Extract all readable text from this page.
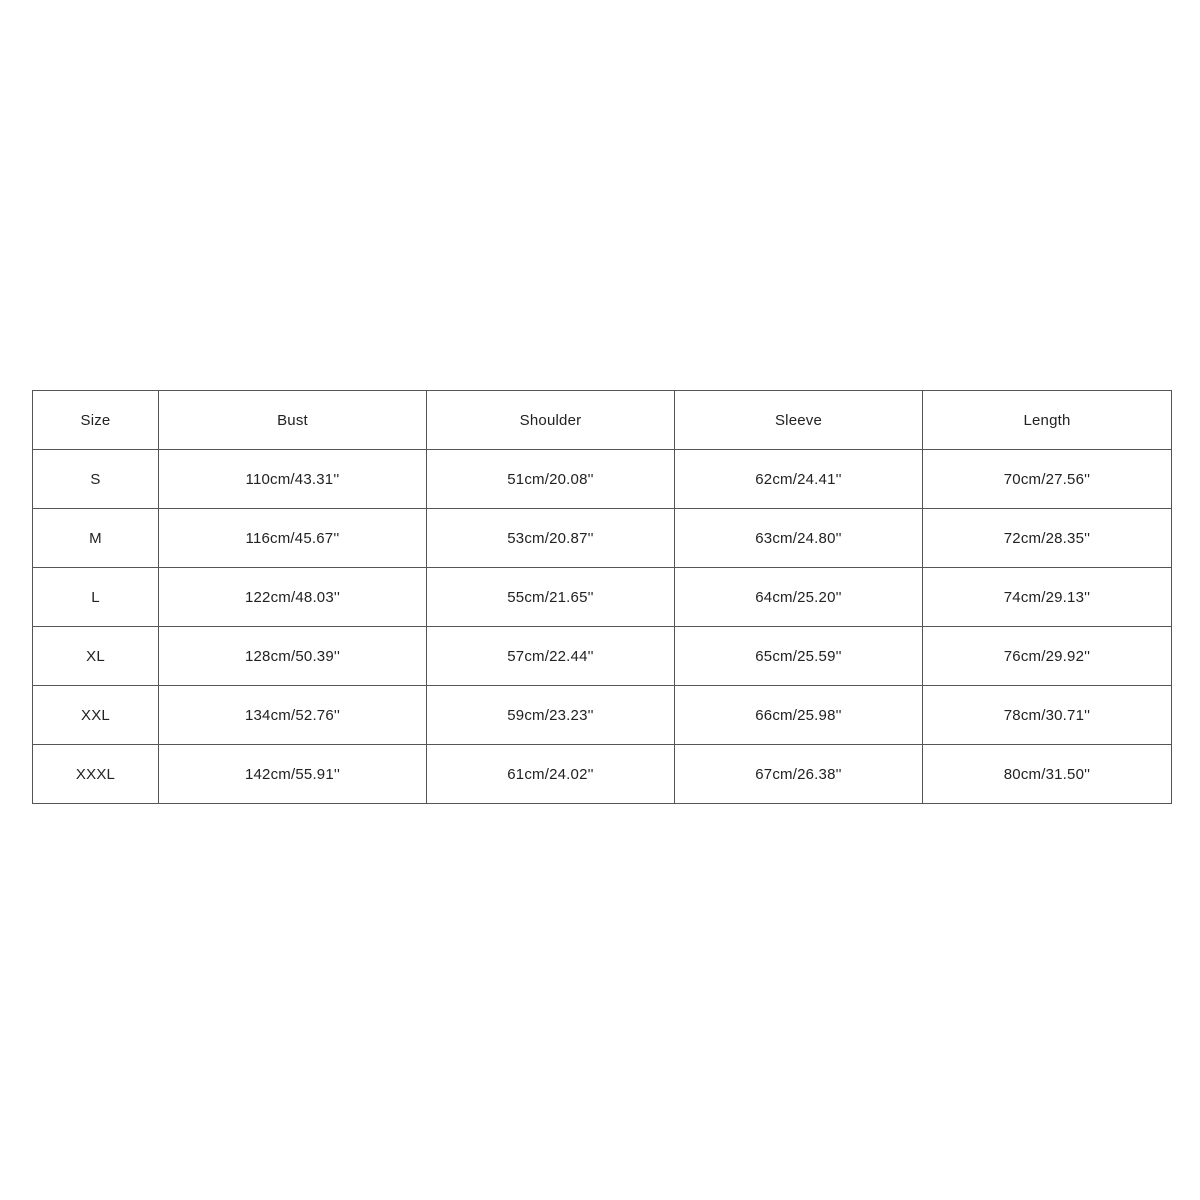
Size	Bust	Shoulder	Sleeve	Length
S	110cm/43.31''	51cm/20.08''	62cm/24.41''	70cm/27.56''
M	116cm/45.67''	53cm/20.87''	63cm/24.80''	72cm/28.35''
L	122cm/48.03''	55cm/21.65''	64cm/25.20''	74cm/29.13''
XL	128cm/50.39''	57cm/22.44''	65cm/25.59''	76cm/29.92''
XXL	134cm/52.76''	59cm/23.23''	66cm/25.98''	78cm/30.71''
XXXL	142cm/55.91''	61cm/24.02''	67cm/26.38''	80cm/31.50''
